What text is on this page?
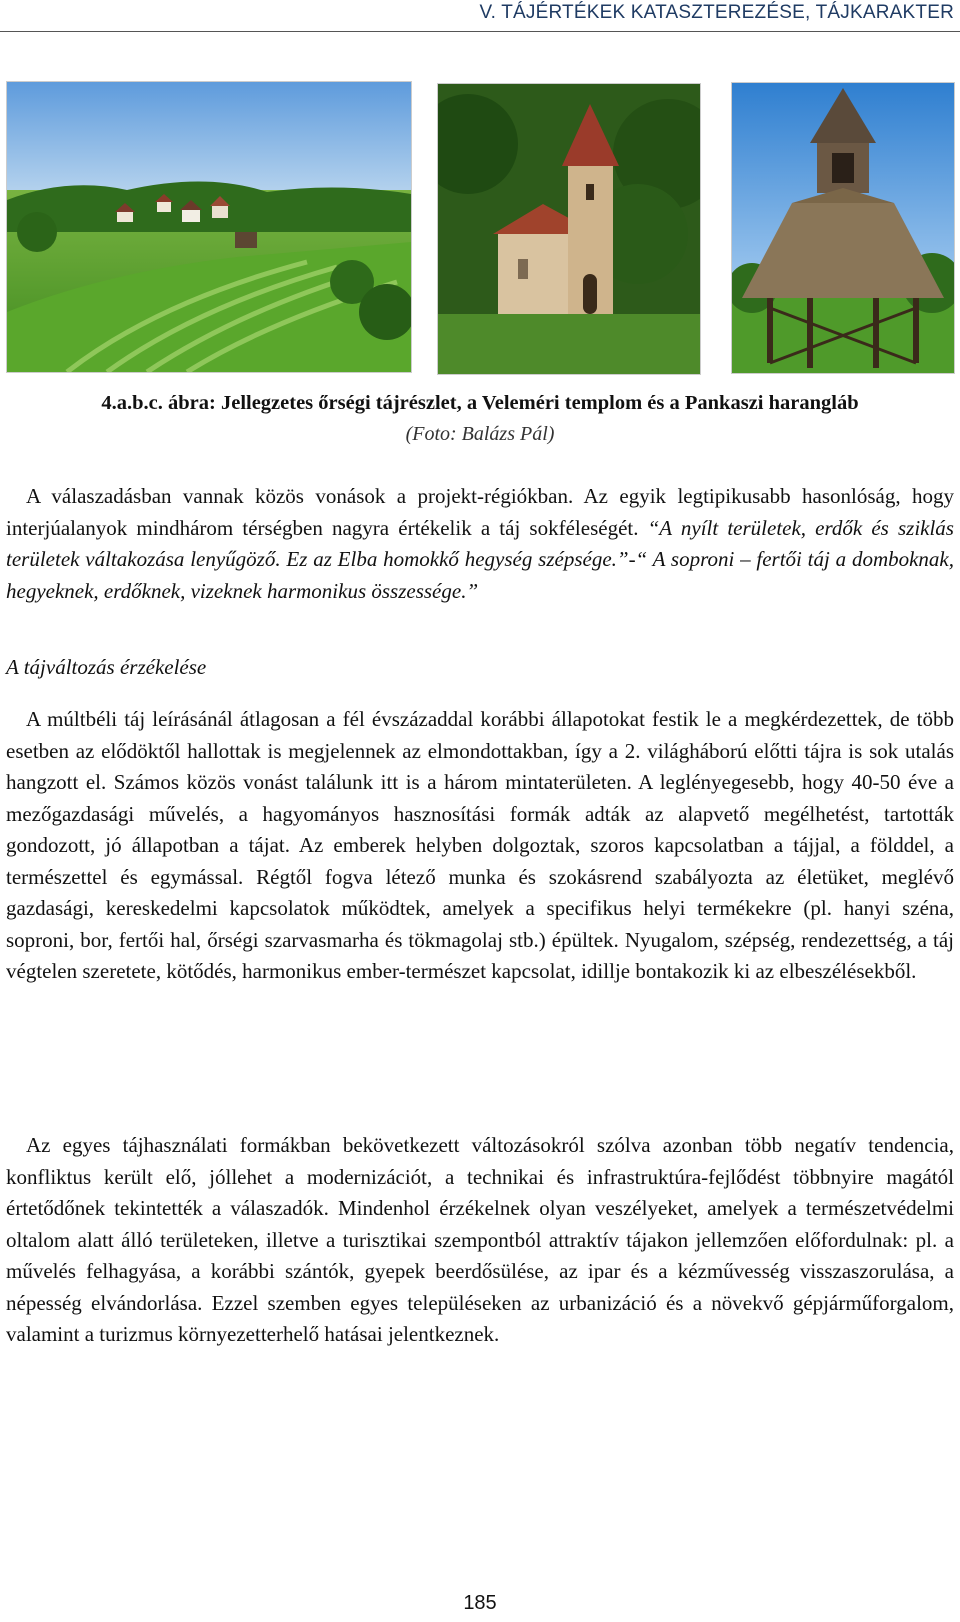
V. TÁJÉRTÉKEK KATASZTEREZÉSE, TÁJKARAKTER
4.a.b.c. ábra: Jellegzetes őrségi tájrészlet, a Veleméri templom és a Pankaszi harangláb
(Foto: Balázs Pál)

A válaszadásban vannak közös vonások a projekt-régiókban. Az egyik legtipikusabb hasonlóság, hogy interjúalanyok mindhárom térségben nagyra értékelik a táj sokféleségét. “A nyílt területek, erdők és sziklás területek váltakozása lenyűgöző. Ez az Elba homokkő hegység szépsége.”-“ A soproni – fertői táj a domboknak, hegyeknek, erdőknek, vizeknek harmonikus összessége.”

A tájváltozás érzékelése

A múltbéli táj leírásánál átlagosan a fél évszázaddal korábbi állapotokat festik le a megkérdezettek, de több esetben az elődöktől hallottak is megjelennek az elmondottakban, így a 2. világháború előtti tájra is sok utalás hangzott el. Számos közös vonást találunk itt is a három mintaterületen. A leglényegesebb, hogy 40-50 éve a mezőgazdasági művelés, a hagyományos hasznosítási formák adták az alapvető megélhetést, tartották gondozott, jó állapotban a tájat. Az emberek helyben dolgoztak, szoros kapcsolatban a tájjal, a földdel, a természettel és egymással. Régtől fogva létező munka és szokásrend szabályozta az életüket, meglévő gazdasági, kereskedelmi kapcsolatok működtek, amelyek a specifikus helyi termékekre (pl. hanyi széna, soproni, bor, fertői hal, őrségi szarvasmarha és tökmagolaj stb.) épültek. Nyugalom, szépség, rendezettség, a táj végtelen szeretete, kötődés, harmonikus ember-természet kapcsolat, idillje bontakozik ki az elbeszélésekből.

Az egyes tájhasználati formákban bekövetkezett változásokról szólva azonban több negatív tendencia, konfliktus került elő, jóllehet a modernizációt, a technikai és infrastruktúra-fejlődést többnyire magától értetődőnek tekintették a válaszadók. Mindenhol érzékelnek olyan veszélyeket, amelyek a természetvédelmi oltalom alatt álló területeken, illetve a turisztikai szempontból attraktív tájakon jellemzően előfordulnak: pl. a művelés felhagyása, a korábbi szántók, gyepek beerdősülése, az ipar és a kézművesség visszaszorulása, a népesség elvándorlása. Ezzel szemben egyes településeken az urbanizáció és a növekvő gépjárműforgalom, valamint a turizmus környezetterhelő hatásai jelentkeznek.

185
